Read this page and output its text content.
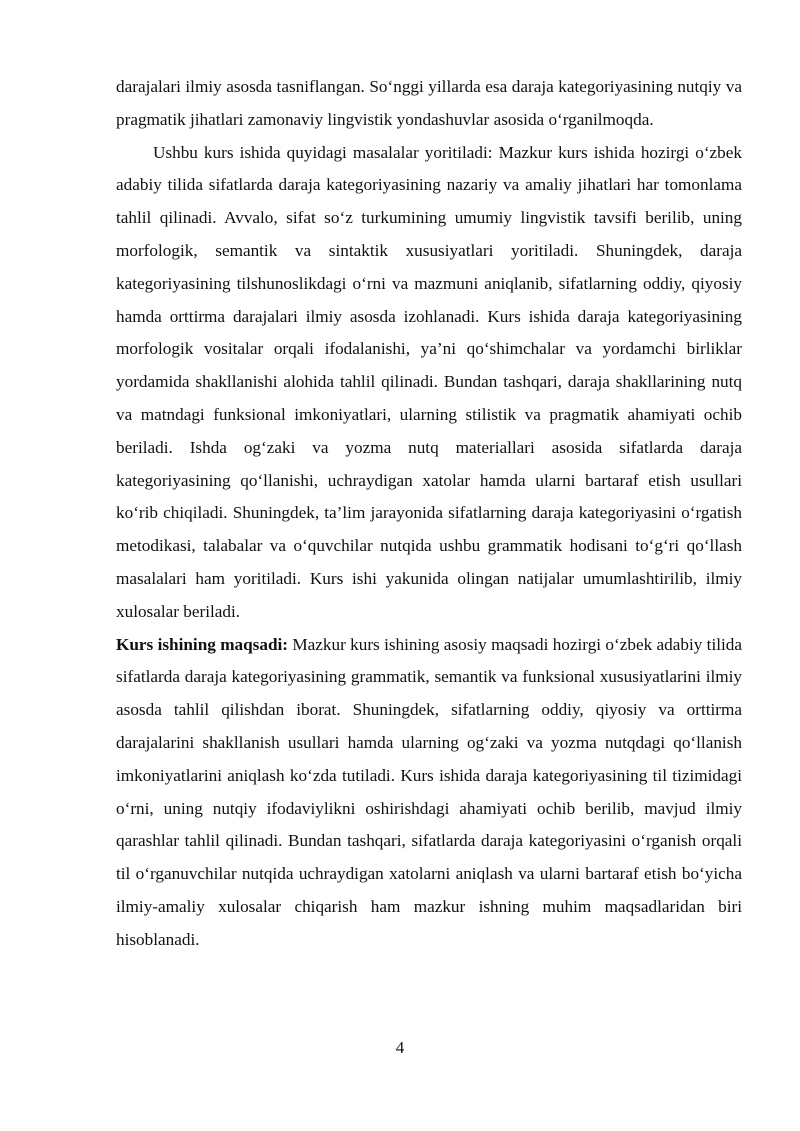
darajalari ilmiy asosda tasniflangan. So‘nggi yillarda esa daraja kategoriyasining nutqiy va pragmatik jihatlari zamonaviy lingvistik yondashuvlar asosida o‘rganilmoqda.

Ushbu kurs ishida quyidagi masalalar yoritiladi: Mazkur kurs ishida hozirgi o‘zbek adabiy tilida sifatlarda daraja kategoriyasining nazariy va amaliy jihatlari har tomonlama tahlil qilinadi. Avvalo, sifat so‘z turkumining umumiy lingvistik tavsifi berilib, uning morfologik, semantik va sintaktik xususiyatlari yoritiladi. Shuningdek, daraja kategoriyasining tilshunoslikdagi o‘rni va mazmuni aniqlanib, sifatlarning oddiy, qiyosiy hamda orttirma darajalari ilmiy asosda izohlanadi. Kurs ishida daraja kategoriyasining morfologik vositalar orqali ifodalanishi, ya’ni qo‘shimchalar va yordamchi birliklar yordamida shakllanishi alohida tahlil qilinadi. Bundan tashqari, daraja shakllarining nutq va matndagi funksional imkoniyatlari, ularning stilistik va pragmatik ahamiyati ochib beriladi. Ishda og‘zaki va yozma nutq materiallari asosida sifatlarda daraja kategoriyasining qo‘llanishi, uchraydigan xatolar hamda ularni bartaraf etish usullari ko‘rib chiqiladi. Shuningdek, ta’lim jarayonida sifatlarning daraja kategoriyasini o‘rgatish metodikasi, talabalar va o‘quvchilar nutqida ushbu grammatik hodisani to‘g‘ri qo‘llash masalalari ham yoritiladi. Kurs ishi yakunida olingan natijalar umumlashtirilib, ilmiy xulosalar beriladi.

Kurs ishining maqsadi: Mazkur kurs ishining asosiy maqsadi hozirgi o‘zbek adabiy tilida sifatlarda daraja kategoriyasining grammatik, semantik va funksional xususiyatlarini ilmiy asosda tahlil qilishdan iborat. Shuningdek, sifatlarning oddiy, qiyosiy va orttirma darajalarini shakllanish usullari hamda ularning og‘zaki va yozma nutqdagi qo‘llanish imkoniyatlarini aniqlash ko‘zda tutiladi. Kurs ishida daraja kategoriyasining til tizimidagi o‘rni, uning nutqiy ifodaviylikni oshirishdagi ahamiyati ochib berilib, mavjud ilmiy qarashlar tahlil qilinadi. Bundan tashqari, sifatlarda daraja kategoriyasini o‘rganish orqali til o‘rganuvchilar nutqida uchraydigan xatolarni aniqlash va ularni bartaraf etish bo‘yicha ilmiy-amaliy xulosalar chiqarish ham mazkur ishning muhim maqsadlaridan biri hisoblanadi.

4
